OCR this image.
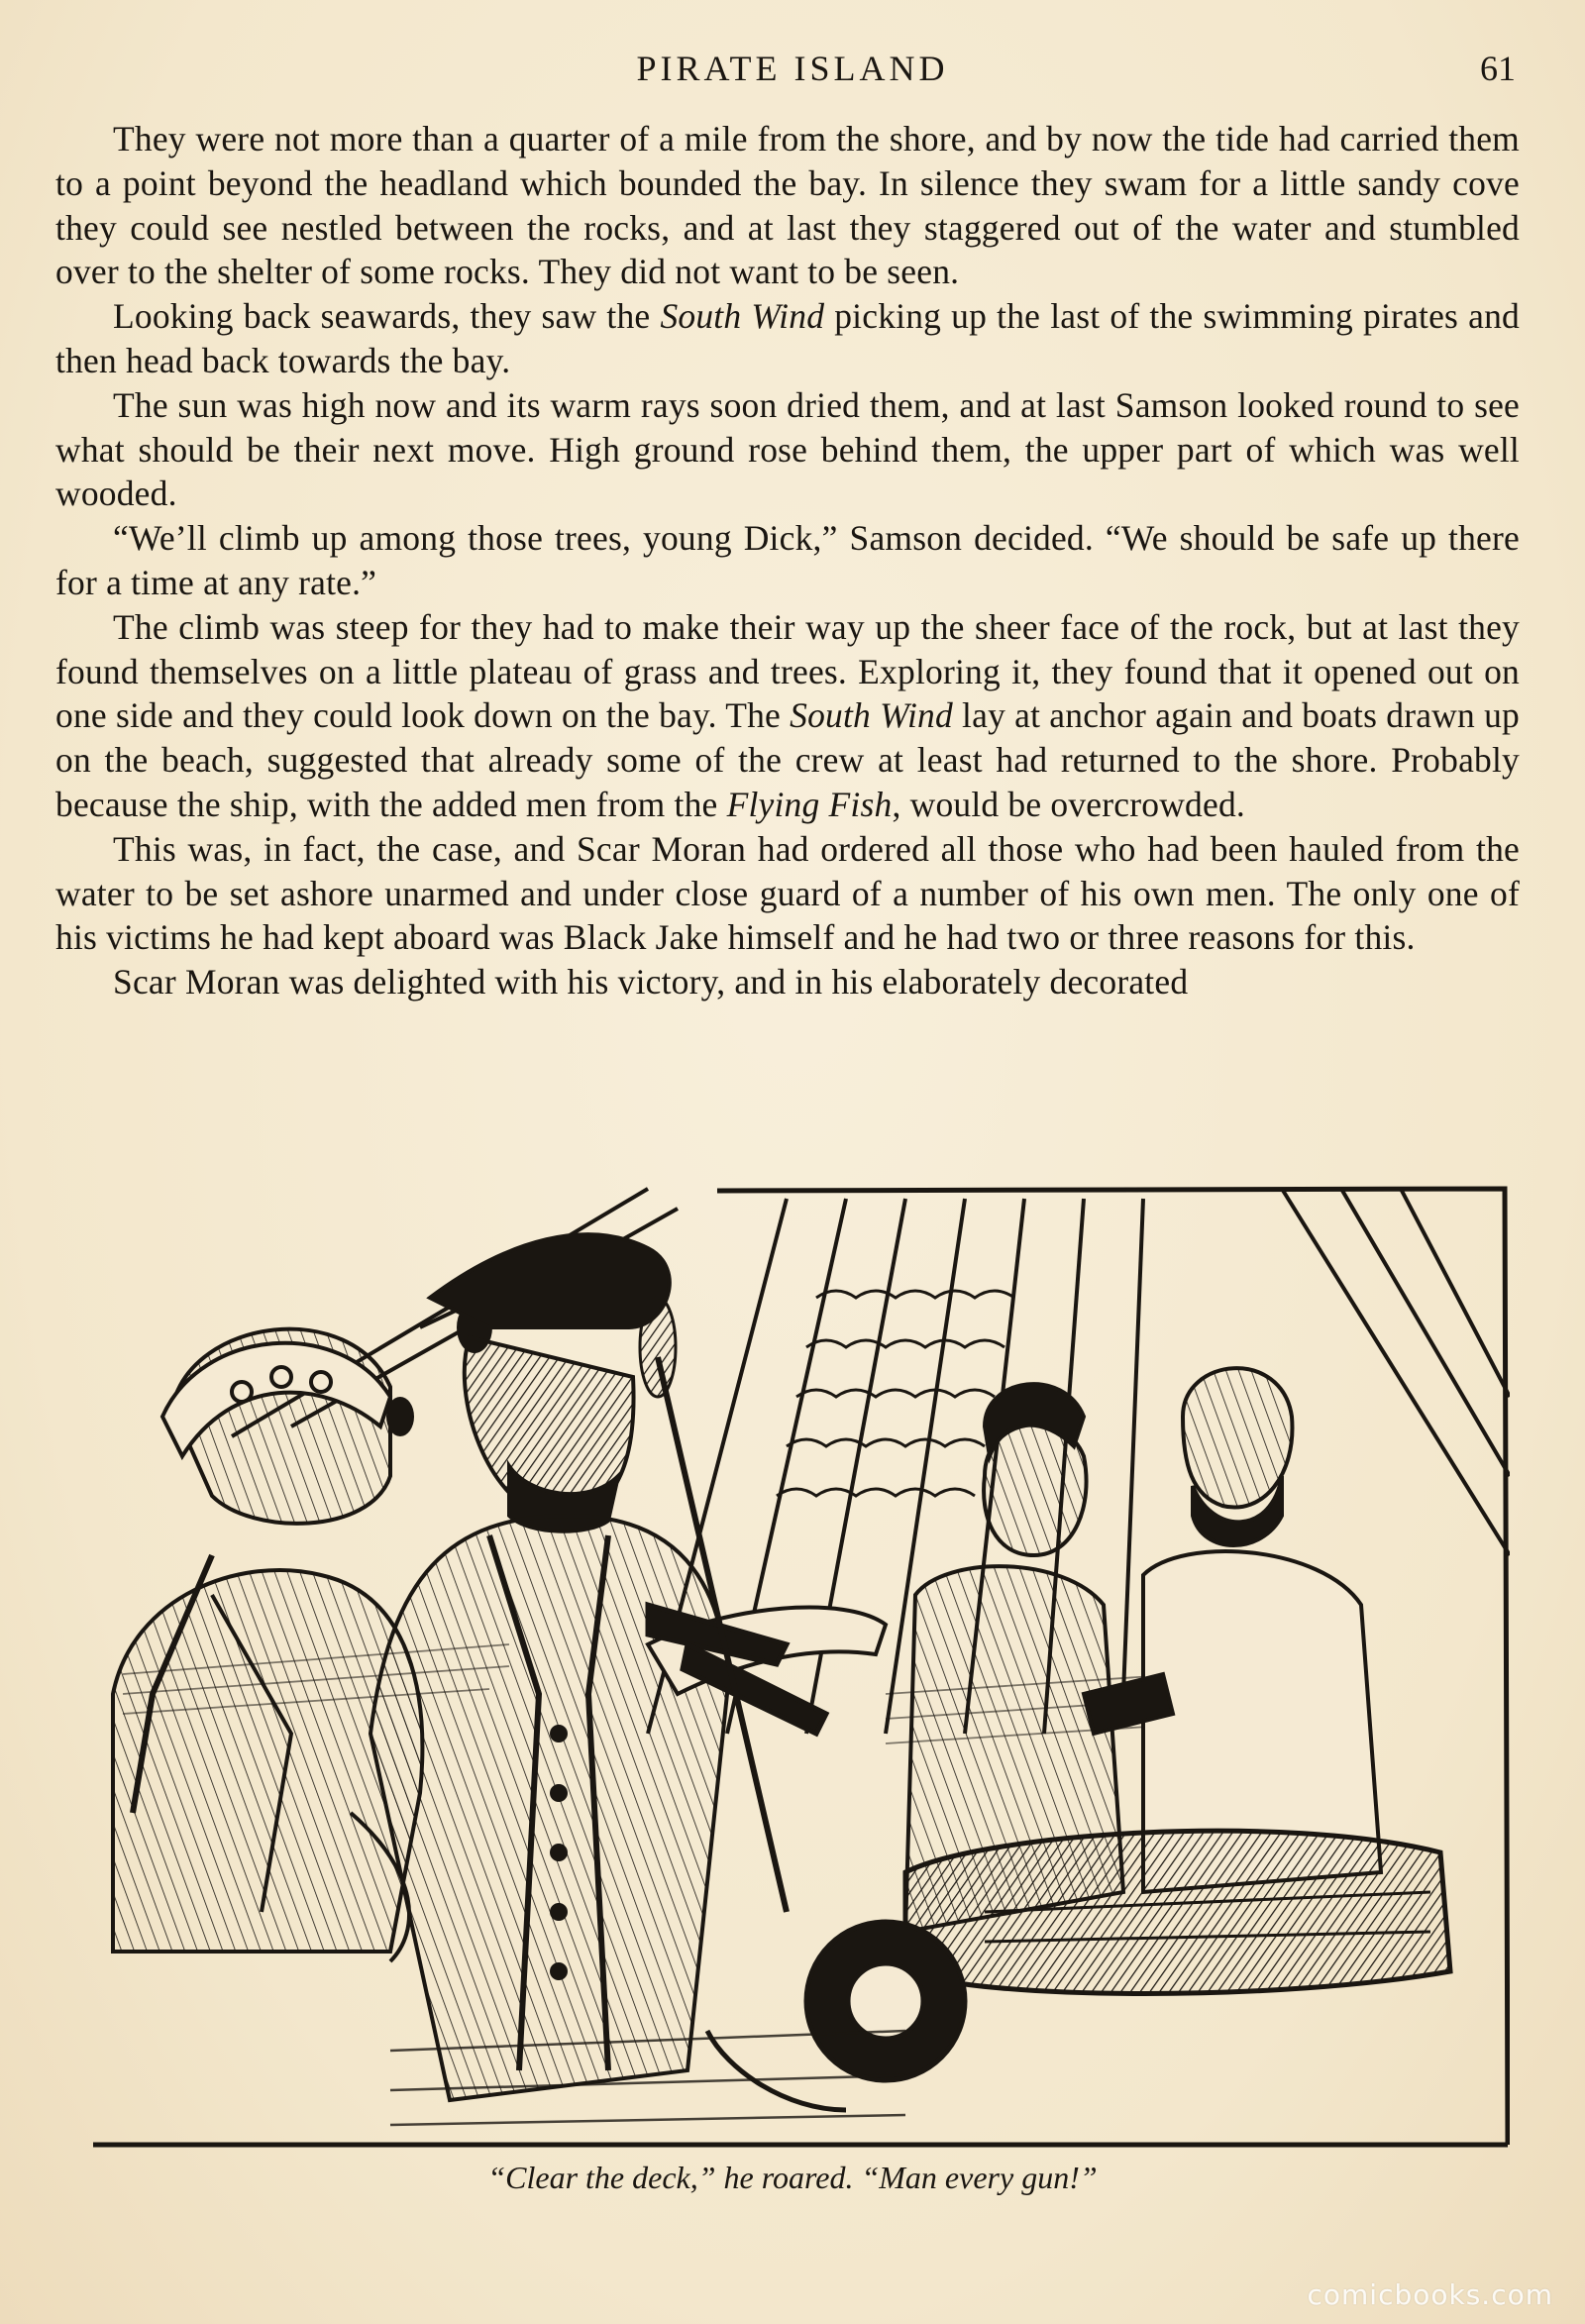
PIRATE ISLAND	61

They were not more than a quarter of a mile from the shore, and by now the tide had carried them to a point beyond the headland which bounded the bay. In silence they swam for a little sandy cove they could see nestled between the rocks, and at last they staggered out of the water and stumbled over to the shelter of some rocks. They did not want to be seen.

Looking back seawards, they saw the South Wind picking up the last of the swimming pirates and then head back towards the bay.

The sun was high now and its warm rays soon dried them, and at last Samson looked round to see what should be their next move. High ground rose behind them, the upper part of which was well wooded.

“We’ll climb up among those trees, young Dick,” Samson decided. “We should be safe up there for a time at any rate.”

The climb was steep for they had to make their way up the sheer face of the rock, but at last they found themselves on a little plateau of grass and trees. Exploring it, they found that it opened out on one side and they could look down on the bay. The South Wind lay at anchor again and boats drawn up on the beach, suggested that already some of the crew at least had returned to the shore. Probably because the ship, with the added men from the Flying Fish, would be overcrowded.

This was, in fact, the case, and Scar Moran had ordered all those who had been hauled from the water to be set ashore unarmed and under close guard of a number of his own men. The only one of his victims he had kept aboard was Black Jake himself and he had two or three reasons for this.

Scar Moran was delighted with his victory, and in his elaborately decorated

“Clear the deck,” he roared. “Man every gun!”
comicbooks.com
